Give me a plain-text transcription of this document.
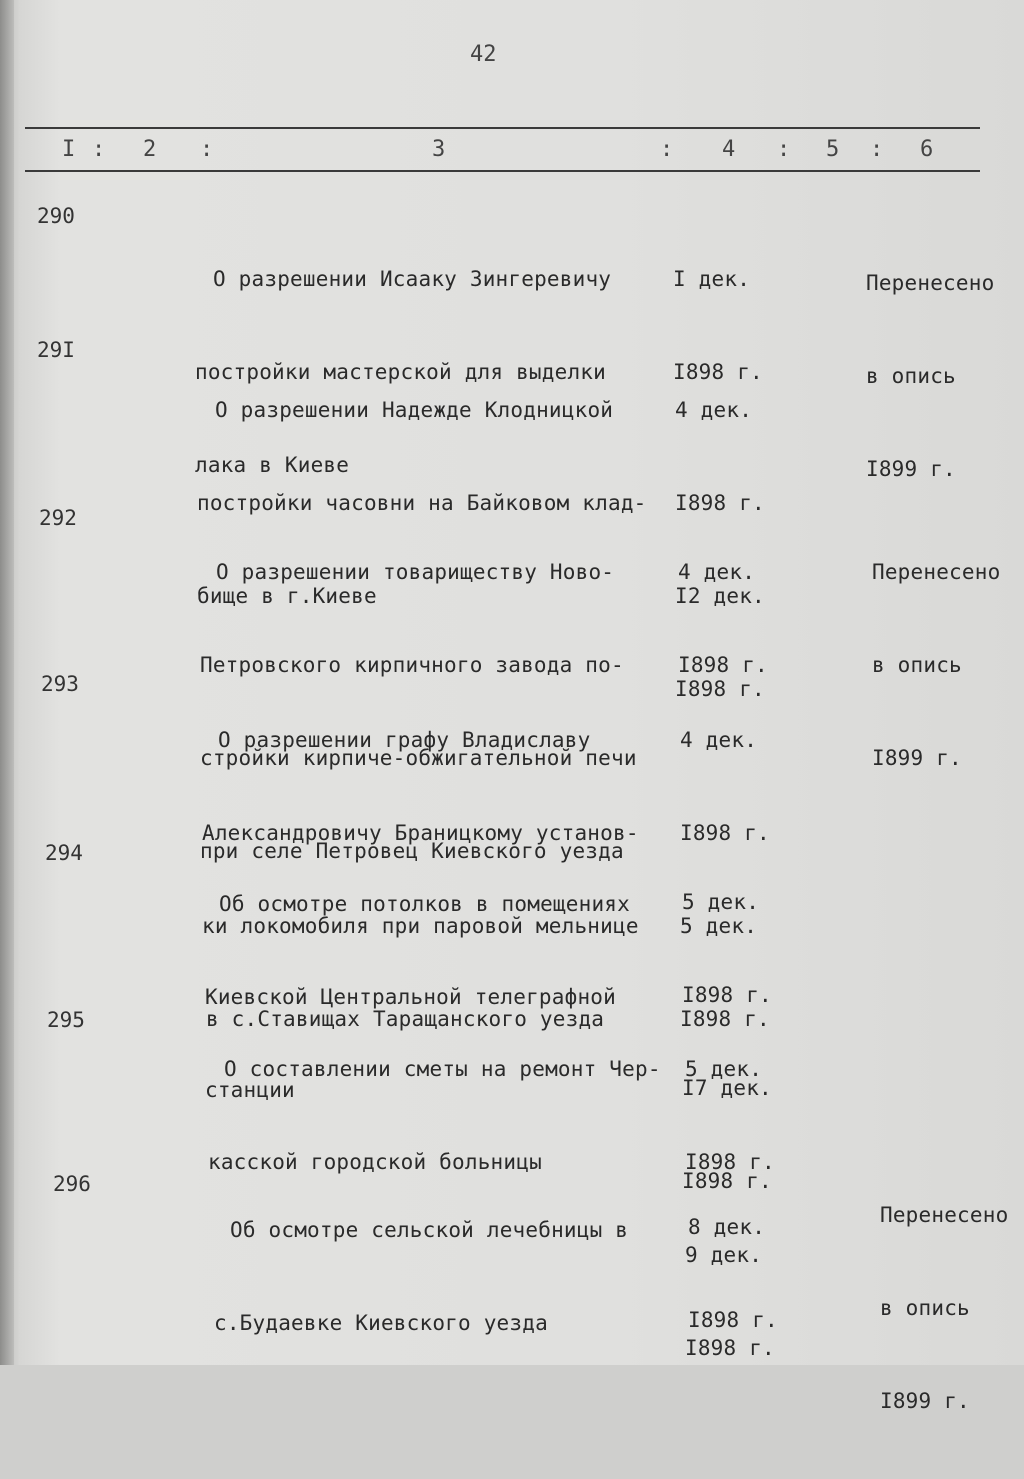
42
I : 2 :	3	: 4 : 5 : 6
290

О разрешении Исааку Зингеревичу

постройки мастерской для выделки

лака в Киеве

I дек.

I898 г.

Перенесено

в опись

I899 г.

29I

О разрешении Надежде Клодницкой

постройки часовни на Байковом клад-

бище в г.Киеве

4 дек.

I898 г.

I2 дек.

I898 г.

292

О разрешении товариществу Ново-

Петровского кирпичного завода по-

стройки кирпиче-обжигательной печи

при селе Петровец Киевского уезда

4 дек.

I898 г.

Перенесено

в опись

I899 г.

293

О разрешении графу Владиславу

Александровичу Браницкому установ-

ки локомобиля при паровой мельнице

в с.Ставищах Таращанского уезда

4 дек.

I898 г.

5 дек.

I898 г.

294

Об осмотре потолков в помещениях

Киевской Центральной телеграфной

станции

5 дек.

I898 г.

I7 дек.

I898 г.

295

О составлении сметы на ремонт Чер-

касской городской больницы

5 дек.

I898 г.

9 дек.

I898 г.

296

Об осмотре сельской лечебницы в

с.Будаевке Киевского уезда

8 дек.

I898 г.

Перенесено

в опись

I899 г.
